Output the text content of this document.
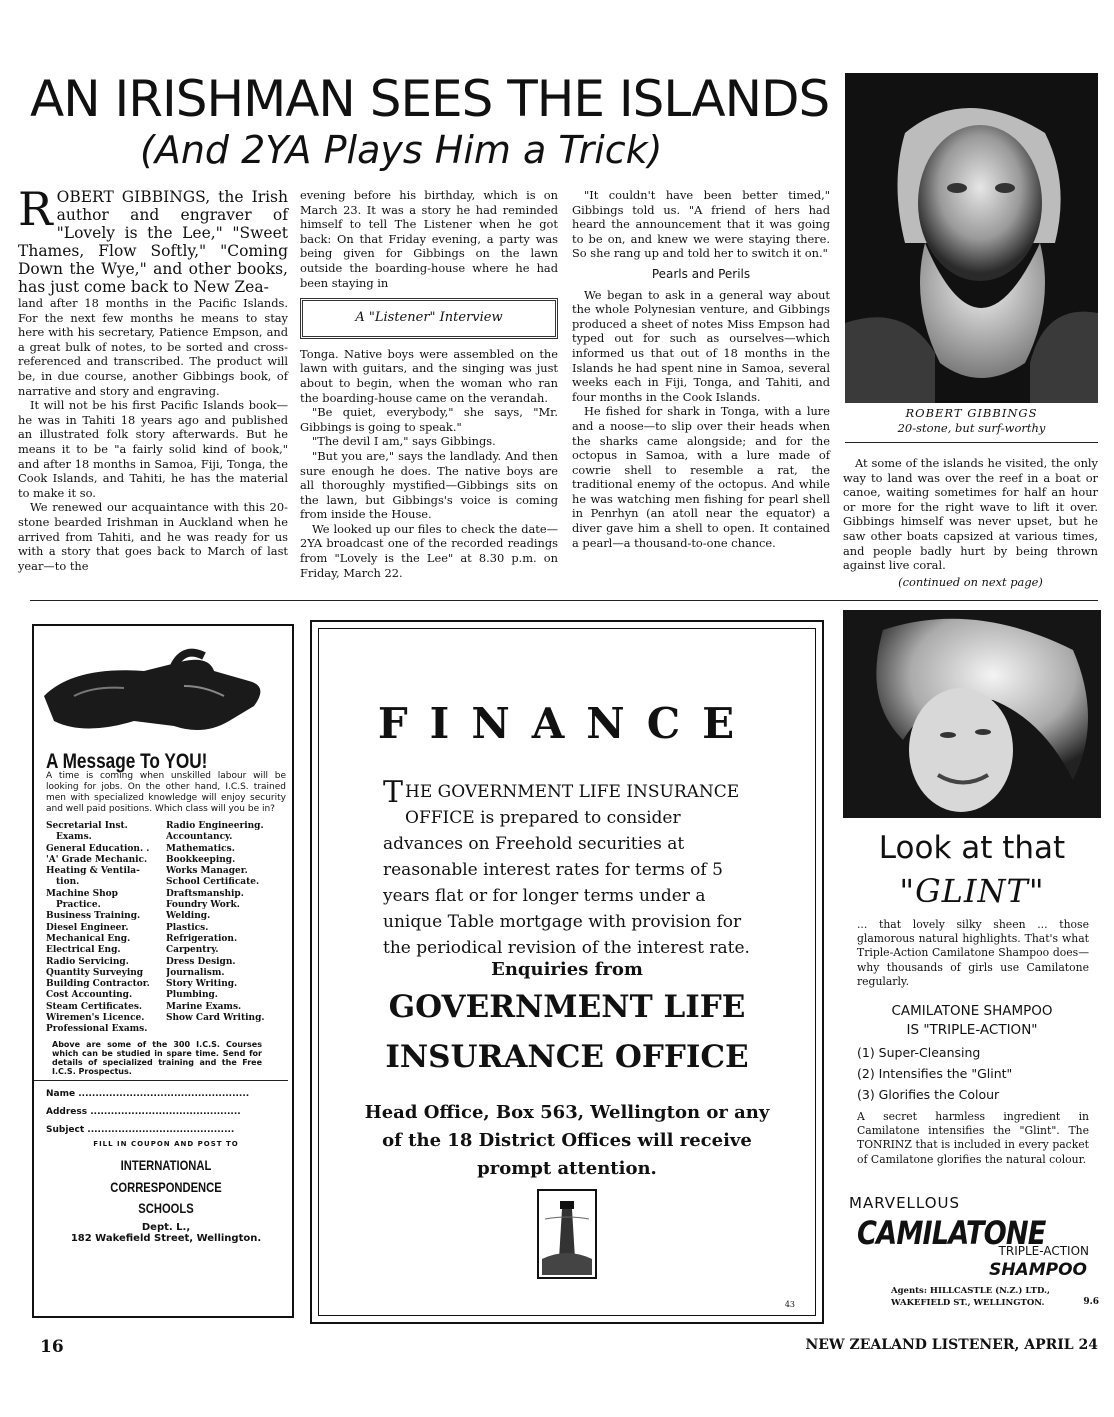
AN IRISHMAN SEES THE ISLANDS
(And 2YA Plays Him a Trick)

ROBERT GIBBINGS, the Irish author and engraver of "Lovely is the Lee," "Sweet Thames, Flow Softly," "Coming Down the Wye," and other books, has just come back to New Zea-

land after 18 months in the Pacific Islands. For the next few months he means to stay here with his secretary, Patience Empson, and a great bulk of notes, to be sorted and cross-referenced and transcribed. The product will be, in due course, another Gibbings book, of narrative and story and engraving.

It will not be his first Pacific Islands book—he was in Tahiti 18 years ago and published an illustrated folk story afterwards. But he means it to be "a fairly solid kind of book," and after 18 months in Samoa, Fiji, Tonga, the Cook Islands, and Tahiti, he has the material to make it so.

We renewed our acquaintance with this 20-stone bearded Irishman in Auckland when he arrived from Tahiti, and he was ready for us with a story that goes back to March of last year—to the

evening before his birthday, which is on March 23. It was a story he had reminded himself to tell The Listener when he got back: On that Friday evening, a party was being given for Gibbings on the lawn outside the boarding-house where he had been staying in

A "Listener" Interview

Tonga. Native boys were assembled on the lawn with guitars, and the singing was just about to begin, when the woman who ran the boarding-house came on the verandah.

"Be quiet, everybody," she says, "Mr. Gibbings is going to speak."

"The devil I am," says Gibbings.

"But you are," says the landlady. And then sure enough he does. The native boys are all thoroughly mystified—Gibbings sits on the lawn, but Gibbings's voice is coming from inside the House.

We looked up our files to check the date—2YA broadcast one of the recorded readings from "Lovely is the Lee" at 8.30 p.m. on Friday, March 22.

"It couldn't have been better timed," Gibbings told us. "A friend of hers had heard the announcement that it was going to be on, and knew we were staying there. So she rang up and told her to switch it on."

Pearls and Perils

We began to ask in a general way about the whole Polynesian venture, and Gibbings produced a sheet of notes Miss Empson had typed out for such as ourselves—which informed us that out of 18 months in the Islands he had spent nine in Samoa, several weeks each in Fiji, Tonga, and Tahiti, and four months in the Cook Islands.

He fished for shark in Tonga, with a lure and a noose—to slip over their heads when the sharks came alongside; and for the octopus in Samoa, with a lure made of cowrie shell to resemble a rat, the traditional enemy of the octopus. And while he was watching men fishing for pearl shell in Penrhyn (an atoll near the equator) a diver gave him a shell to open. It contained a pearl—a thousand-to-one chance.

ROBERT GIBBINGS
20-stone, but surf-worthy

At some of the islands he visited, the only way to land was over the reef in a boat or canoe, waiting sometimes for half an hour or more for the right wave to lift it over. Gibbings himself was never upset, but he saw other boats capsized at various times, and people badly hurt by being thrown against live coral.

(continued on next page)
A Message To YOU!
A time is coming when unskilled labour will be looking for jobs. On the other hand, I.C.S. trained men with specialized knowledge will enjoy security and well paid positions. Which class will you be in?
Secretarial Inst.
Exams.
General Education. .
'A' Grade Mechanic.
Heating & Ventila-
tion.
Machine Shop
Practice.
Business Training.
Diesel Engineer.
Mechanical Eng.
Electrical Eng.
Radio Servicing.
Quantity Surveying
Building Contractor.
Cost Accounting.
Steam Certificates.
Wiremen's Licence.
Professional Exams.
Radio Engineering.
Accountancy.
Mathematics.
Bookkeeping.
Works Manager.
School Certificate.
Draftsmanship.
Foundry Work.
Welding.
Plastics.
Refrigeration.
Carpentry.
Dress Design.
Journalism.
Story Writing.
Plumbing.
Marine Exams.
Show Card Writing.
Above are some of the 300 I.C.S. Courses which can be studied in spare time. Send for details of specialized training and the Free I.C.S. Prospectus.
Name ..................................................
Address ............................................
Subject ...........................................
FILL IN COUPON AND POST TO
INTERNATIONAL CORRESPONDENCE
SCHOOLS
Dept. L.,
182 Wakefield Street, Wellington.
FINANCE
THE GOVERNMENT LIFE INSURANCE OFFICE is prepared to consider advances on Freehold securities at reasonable interest rates for terms of 5 years flat or for longer terms under a unique Table mortgage with provision for the periodical revision of the interest rate.
Enquiries from
GOVERNMENT LIFE
INSURANCE OFFICE
Head Office, Box 563, Wellington or any of the 18 District Offices will receive prompt attention.
43
Look at that
"GLINT"
... that lovely silky sheen ... those glamorous natural highlights. That's what Triple-Action Camilatone Shampoo does—why thousands of girls use Camilatone regularly.
CAMILATONE SHAMPOO
IS "TRIPLE-ACTION"
(1) Super-Cleansing
(2) Intensifies the "Glint"
(3) Glorifies the Colour
A secret harmless ingredient in Camilatone intensifies the "Glint". The TONRINZ that is included in every packet of Camilatone glorifies the natural colour.
MARVELLOUS
CAMILATONE
TRIPLE-ACTION
SHAMPOO
Agents: HILLCASTLE (N.Z.) LTD.,
WAKEFIELD ST., WELLINGTON.	9.6
16	NEW ZEALAND LISTENER, APRIL 24
